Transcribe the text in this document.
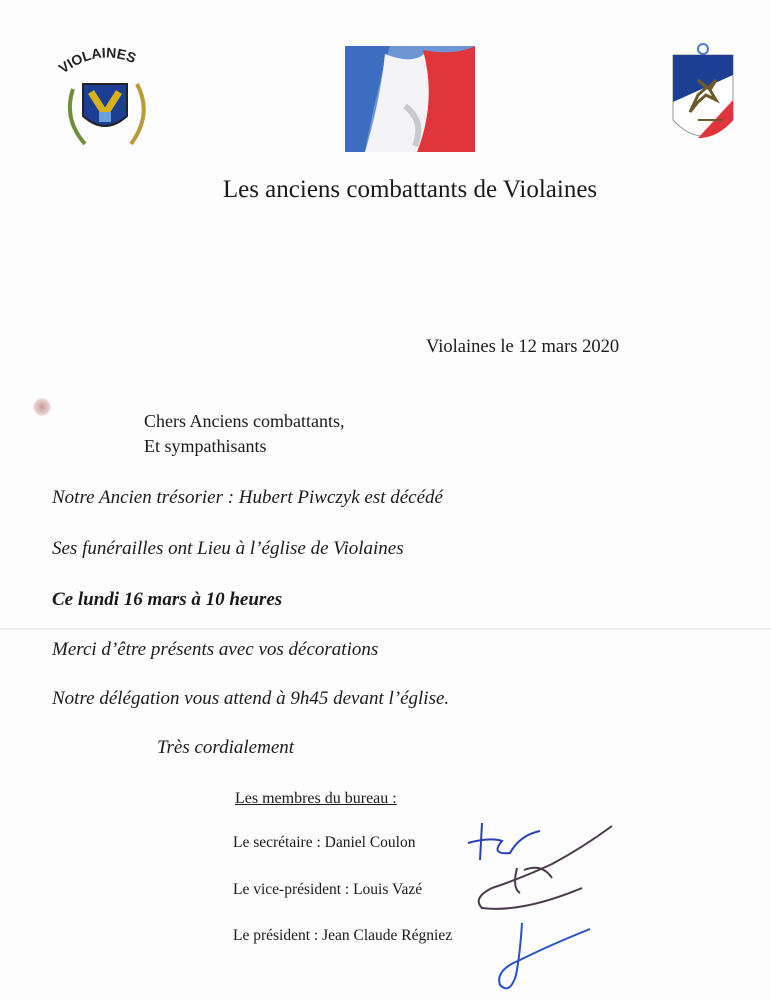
VIOLAINES
Les anciens combattants de Violaines
Violaines le 12 mars 2020
Chers Anciens combattants,
Et sympathisants
Notre Ancien trésorier : Hubert Piwczyk est décédé
Ses funérailles ont Lieu à l’église de Violaines
Ce lundi 16 mars à 10 heures
Merci d’être présents avec vos décorations
Notre délégation vous attend à 9h45 devant l’église.
Très cordialement
Les membres du bureau :
Le secrétaire : Daniel Coulon
Le vice-président : Louis Vazé
Le président : Jean Claude Régniez
